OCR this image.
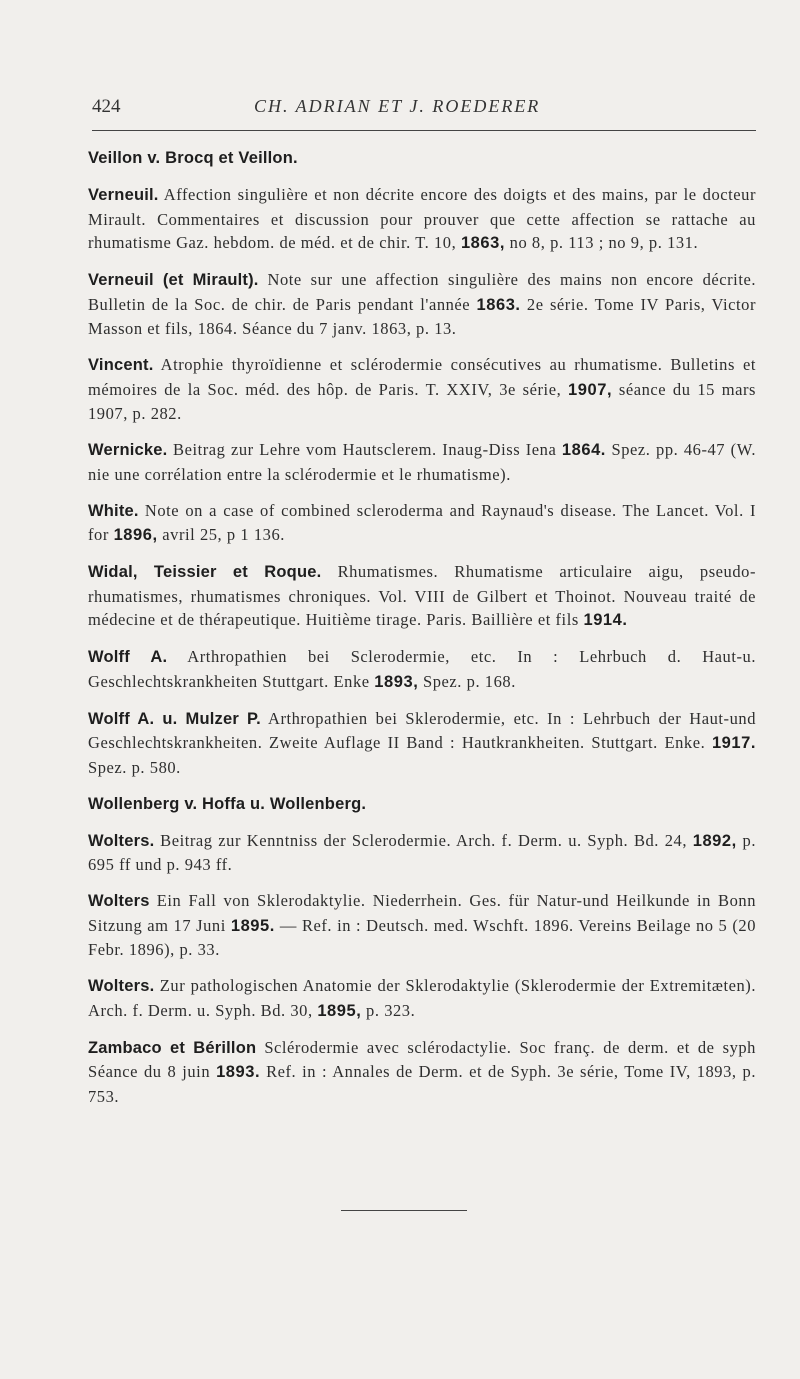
424	CH. ADRIAN ET J. ROEDERER

Veillon v. Brocq et Veillon.

Verneuil. Affection singulière et non décrite encore des doigts et des mains, par le docteur Mirault. Commentaires et discussion pour prouver que cette affection se rattache au rhumatisme Gaz. hebdom. de méd. et de chir. T. 10, 1863, no 8, p. 113 ; no 9, p. 131.

Verneuil (et Mirault). Note sur une affection singulière des mains non encore décrite. Bulletin de la Soc. de chir. de Paris pendant l'année 1863. 2e série. Tome IV Paris, Victor Masson et fils, 1864. Séance du 7 janv. 1863, p. 13.

Vincent. Atrophie thyroïdienne et sclérodermie consécutives au rhumatisme. Bulletins et mémoires de la Soc. méd. des hôp. de Paris. T. XXIV, 3e série, 1907, séance du 15 mars 1907, p. 282.

Wernicke. Beitrag zur Lehre vom Hautsclerem. Inaug-Diss Iena 1864. Spez. pp. 46-47 (W. nie une corrélation entre la sclérodermie et le rhumatisme).

White. Note on a case of combined scleroderma and Raynaud's disease. The Lancet. Vol. I for 1896, avril 25, p 1 136.

Widal, Teissier et Roque. Rhumatismes. Rhumatisme articulaire aigu, pseudo-rhumatismes, rhumatismes chroniques. Vol. VIII de Gilbert et Thoinot. Nouveau traité de médecine et de thérapeutique. Huitième tirage. Paris. Baillière et fils 1914.

Wolff A. Arthropathien bei Sclerodermie, etc. In : Lehrbuch d. Haut-u. Geschlechtskrankheiten Stuttgart. Enke 1893, Spez. p. 168.

Wolff A. u. Mulzer P. Arthropathien bei Sklerodermie, etc. In : Lehrbuch der Haut-und Geschlechtskrankheiten. Zweite Auflage II Band : Hautkrankheiten. Stuttgart. Enke. 1917. Spez. p. 580.

Wollenberg v. Hoffa u. Wollenberg.

Wolters. Beitrag zur Kenntniss der Sclerodermie. Arch. f. Derm. u. Syph. Bd. 24, 1892, p. 695 ff und p. 943 ff.

Wolters Ein Fall von Sklerodaktylie. Niederrhein. Ges. für Natur-und Heilkunde in Bonn Sitzung am 17 Juni 1895. — Ref. in : Deutsch. med. Wschft. 1896. Vereins Beilage no 5 (20 Febr. 1896), p. 33.

Wolters. Zur pathologischen Anatomie der Sklerodaktylie (Sklerodermie der Extremitæten). Arch. f. Derm. u. Syph. Bd. 30, 1895, p. 323.

Zambaco et Bérillon Sclérodermie avec sclérodactylie. Soc franç. de derm. et de syph Séance du 8 juin 1893. Ref. in : Annales de Derm. et de Syph. 3e série, Tome IV, 1893, p. 753.
